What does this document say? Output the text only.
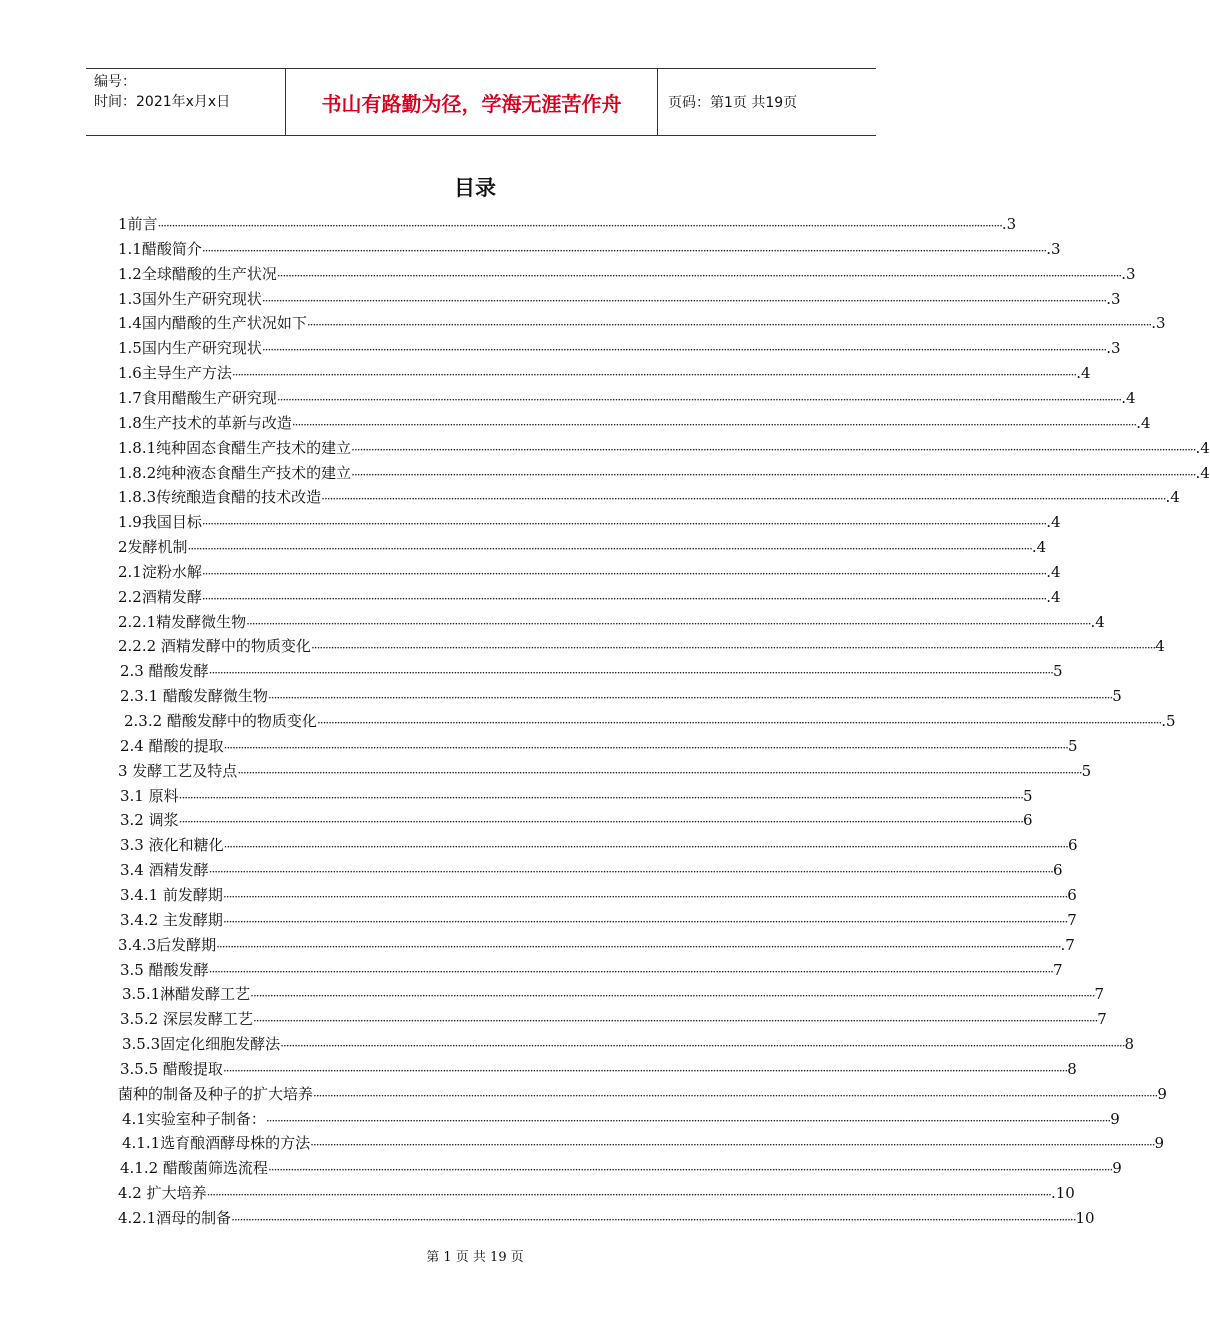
编号：
时间：2021年x月x日	书山有路勤为径，学海无涯苦作舟	页码：第1页 共19页
目录
1前言 ············································································································································································································································································································ .3
1.1醋酸简介 ············································································································································································································································································································ .3
1.2全球醋酸的生产状况 ············································································································································································································································································································ .3
1.3国外生产研究现状 ············································································································································································································································································································ .3
1.4国内醋酸的生产状况如下 ············································································································································································································································································································ .3
1.5国内生产研究现状 ············································································································································································································································································································ .3
1.6主导生产方法 ············································································································································································································································································································ .4
1.7食用醋酸生产研究现 ············································································································································································································································································································ .4
1.8生产技术的革新与改造 ············································································································································································································································································································ .4
1.8.1纯种固态食醋生产技术的建立 ············································································································································································································································································································ .4
1.8.2纯种液态食醋生产技术的建立 ············································································································································································································································································································ .4
1.8.3传统酿造食醋的技术改造 ············································································································································································································································································································ .4
1.9我国目标 ············································································································································································································································································································ .4
2发酵机制 ············································································································································································································································································································ .4
2.1淀粉水解 ············································································································································································································································································································ .4
2.2酒精发酵 ············································································································································································································································································································ .4
2.2.1精发酵微生物 ············································································································································································································································································································ .4
2.2.2 酒精发酵中的物质变化 ············································································································································································································································································································ 4
2.3 醋酸发酵 ············································································································································································································································································································ 5
2.3.1 醋酸发酵微生物 ············································································································································································································································································································ 5
2.3.2 醋酸发酵中的物质变化 ············································································································································································································································································································ .5
2.4 醋酸的提取 ············································································································································································································································································································ 5
3 发酵工艺及特点 ············································································································································································································································································································ 5
3.1 原料 ············································································································································································································································································································ 5
3.2 调浆 ············································································································································································································································································································ 6
3.3 液化和糖化 ············································································································································································································································································································ 6
3.4 酒精发酵 ············································································································································································································································································································ 6
3.4.1 前发酵期 ············································································································································································································································································································ 6
3.4.2 主发酵期 ············································································································································································································································································································ 7
3.4.3后发酵期 ············································································································································································································································································································ .7
3.5 醋酸发酵 ············································································································································································································································································································ 7
3.5.1淋醋发酵工艺 ············································································································································································································································································································ 7
3.5.2 深层发酵工艺 ············································································································································································································································································································ 7
3.5.3固定化细胞发酵法 ············································································································································································································································································································ 8
3.5.5 醋酸提取 ············································································································································································································································································································ 8
菌种的制备及种子的扩大培养 ············································································································································································································································································································ 9
4.1实验室种子制备： ············································································································································································································································································································ 9
4.1.1选育酿酒酵母株的方法 ············································································································································································································································································································ 9
4.1.2 醋酸菌筛选流程 ············································································································································································································································································································ 9
4.2 扩大培养 ············································································································································································································································································································ .10
4.2.1酒母的制备 ············································································································································································································································································································ 10
第 1 页 共 19 页
